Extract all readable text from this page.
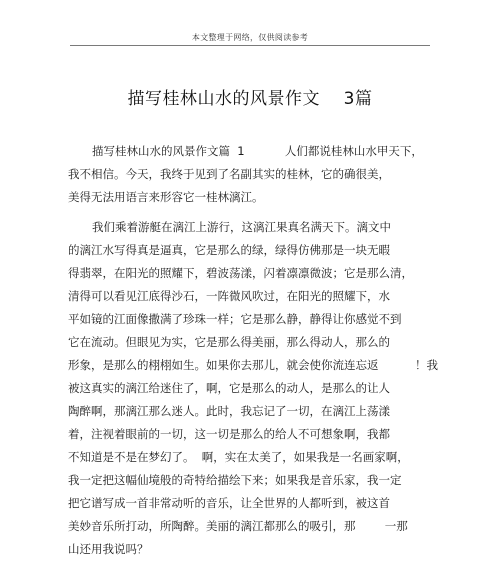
本文整理于网络，仅供阅读参考
描写桂林山水的风景作文    3篇
描写桂林山水的风景作文篇  1           人们都说桂林山水甲天下，
我不相信。今天，我终于见到了名副其实的桂林，它的确很美，
美得无法用语言来形容它一桂林漓江。
我们乘着游艇在漓江上游行，这漓江果真名满天下。漓文中
的漓江水写得真是逼真，它是那么的绿，绿得仿佛那是一块无暇
得翡翠，在阳光的照耀下，碧波荡漾，闪着凛凛微波；它是那么清，
清得可以看见江底得沙石，一阵微风吹过，在阳光的照耀下，水
平如镜的江面像撒满了珍珠一样；它是那么静，静得让你感觉不到
它在流动。但眼见为实，它是那么得美丽，那么得动人，那么的
形象，是那么的栩栩如生。如果你去那儿，就会使你流连忘返          ！我
被这真实的漓江给迷住了，啊，它是那么的动人，是那么的让人
陶醉啊，那漓江那么迷人。此时，我忘记了一切，在漓江上荡漾
着，注视着眼前的一切，这一切是那么的给人不可想象啊，我都
不知道是不是在梦幻了。  啊，实在太美了，如果我是一名画家啊，
我一定把这幅仙境般的奇特给描绘下来；如果我是音乐家，我一定
把它谱写成一首非常动听的音乐，让全世界的人都听到，被这首
美妙音乐所打动，所陶醉。美丽的漓江都那么的吸引，那        一那
山还用我说吗？
